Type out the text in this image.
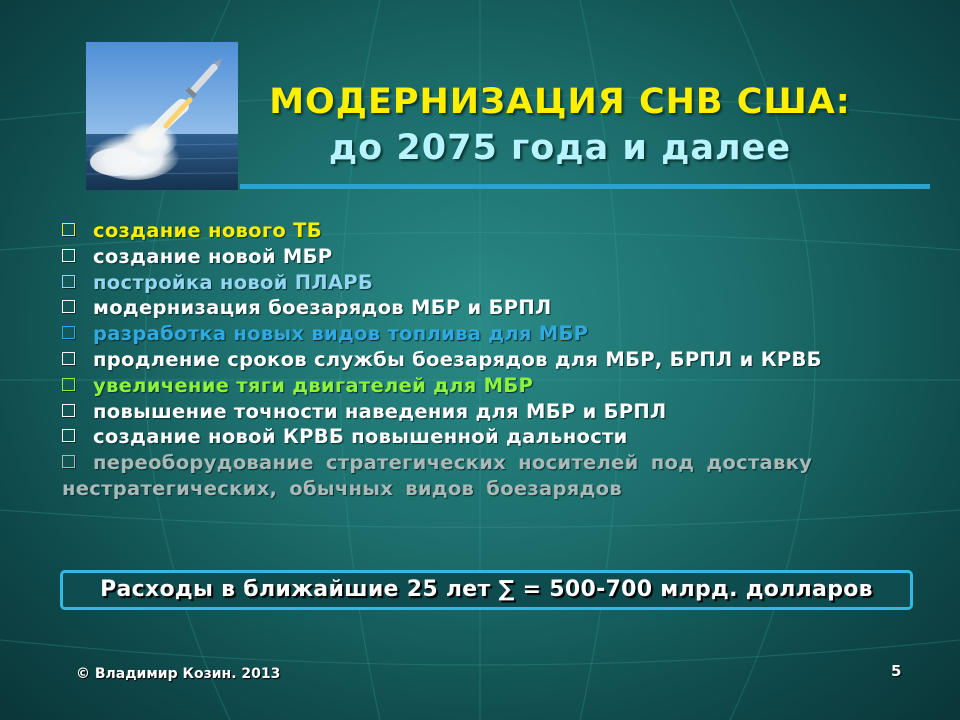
МОДЕРНИЗАЦИЯ СНВ США:
до 2075 года и далее
создание нового ТБ
создание новой МБР
постройка новой ПЛАРБ
модернизация боезарядов МБР и БРПЛ
разработка новых видов топлива для МБР
продление сроков службы боезарядов для МБР, БРПЛ и КРВБ
увеличение тяги двигателей для МБР
повышение точности наведения для МБР и БРПЛ
создание новой КРВБ повышенной дальности
переоборудование стратегических носителей под доставку нестратегических, обычных видов боезарядов
Расходы в ближайшие 25 лет ∑ = 500-700 млрд. долларов
© Владимир Козин. 2013	5
